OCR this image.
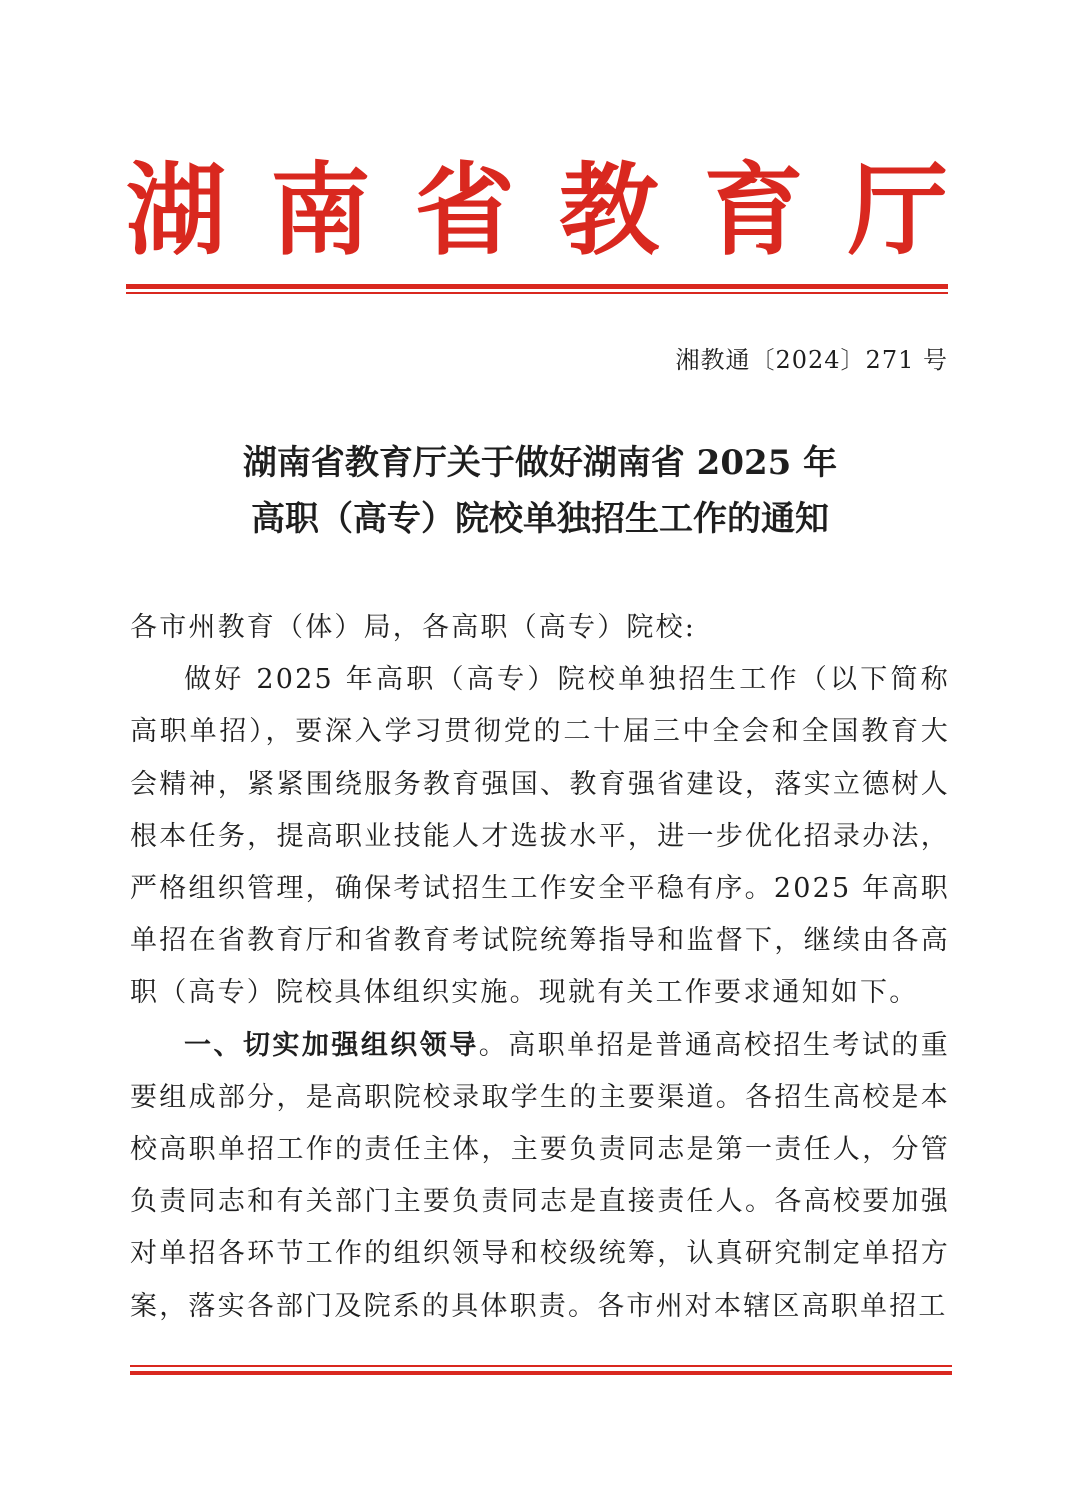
湖 南 省 教 育 厅
湘教通〔2024〕271 号
湖南省教育厅关于做好湖南省 2025 年
高职（高专）院校单独招生工作的通知

各市州教育（体）局，各高职（高专）院校:

做好 2025 年高职（高专）院校单独招生工作（以下简称高职单招），要深入学习贯彻党的二十届三中全会和全国教育大会精神，紧紧围绕服务教育强国、教育强省建设，落实立德树人根本任务，提高职业技能人才选拔水平，进一步优化招录办法，严格组织管理，确保考试招生工作安全平稳有序。2025 年高职单招在省教育厅和省教育考试院统筹指导和监督下，继续由各高职（高专）院校具体组织实施。现就有关工作要求通知如下。

一、切实加强组织领导。高职单招是普通高校招生考试的重要组成部分，是高职院校录取学生的主要渠道。各招生高校是本校高职单招工作的责任主体，主要负责同志是第一责任人，分管负责同志和有关部门主要负责同志是直接责任人。各高校要加强对单招各环节工作的组织领导和校级统筹，认真研究制定单招方案，落实各部门及院系的具体职责。各市州对本辖区高职单招工
